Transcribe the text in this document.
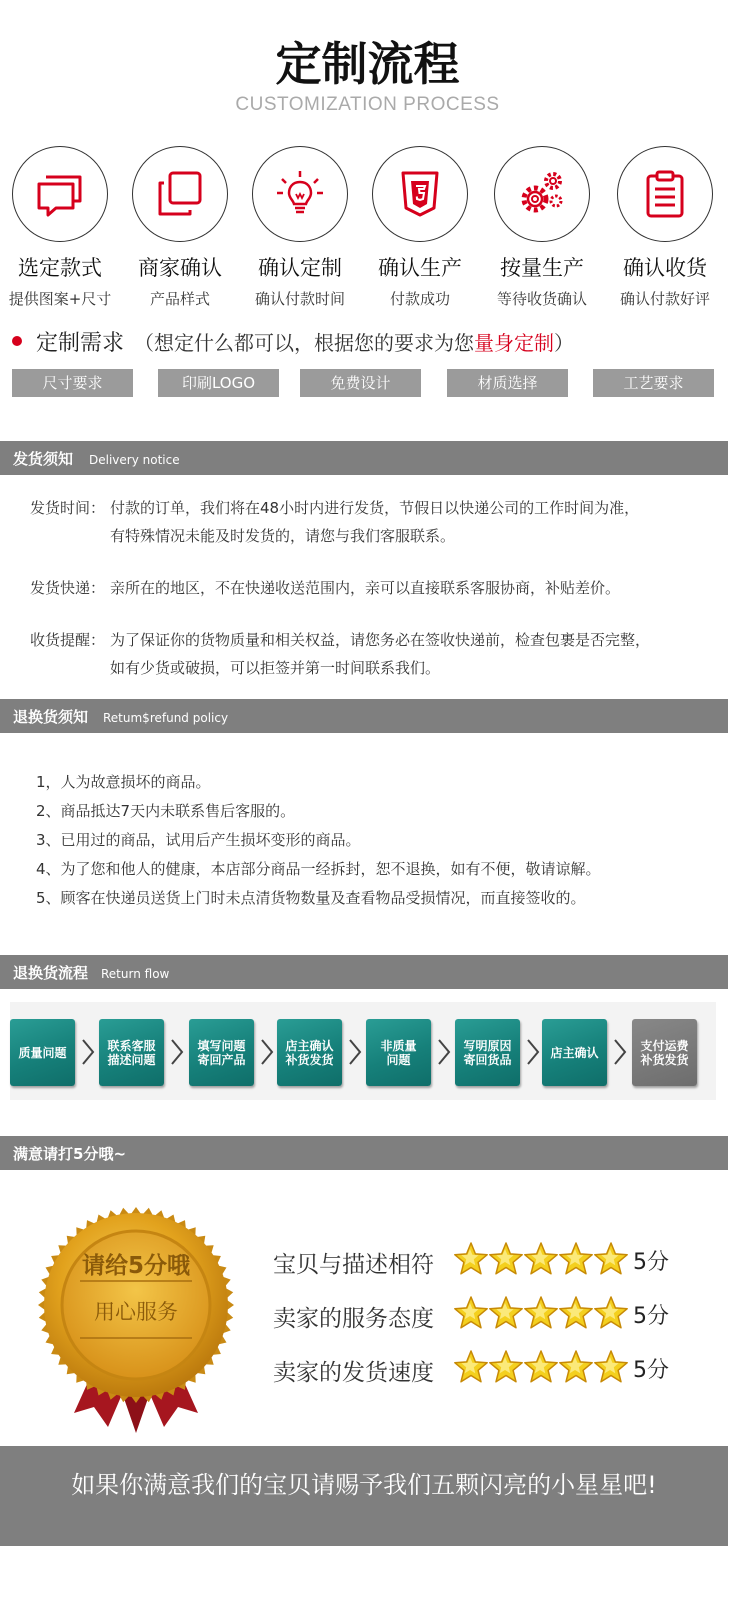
定制流程
CUSTOMIZATION PROCESS
选定款式
提供图案+尺寸
商家确认
产品样式
确认定制
确认付款时间
确认生产
付款成功
按量生产
等待收货确认
确认收货
确认付款好评
定制需求 （想定什么都可以，根据您的要求为您量身定制）
尺寸要求	印刷LOGO	免费设计	材质选择	工艺要求
发货须知 Delivery notice
发货时间： 付款的订单，我们将在48小时内进行发货，节假日以快递公司的工作时间为准，
有特殊情况未能及时发货的，请您与我们客服联系。
发货快递： 亲所在的地区，不在快递收送范围内，亲可以直接联系客服协商，补贴差价。
收货提醒： 为了保证你的货物质量和相关权益，请您务必在签收快递前，检查包裹是否完整，
如有少货或破损，可以拒签并第一时间联系我们。
退换货须知 Retum$refund policy
1，人为故意损坏的商品。
2、商品抵达7天内未联系售后客服的。
3、已用过的商品，试用后产生损坏变形的商品。
4、为了您和他人的健康，本店部分商品一经拆封，恕不退换，如有不便，敬请谅解。
5、顾客在快递员送货上门时未点清货物数量及查看物品受损情况，而直接签收的。
退换货流程 Return flow
质量问题	联系客服
描述问题
填写问题
寄回产品
店主确认
补货发货
非质量
问题
写明原因
寄回货品	店主确认	支付运费
补货发货
满意请打5分哦~
请给5分哦
用心服务
宝贝与描述相符	5分
卖家的服务态度	5分
卖家的发货速度	5分
如果你满意我们的宝贝请赐予我们五颗闪亮的小星星吧!
